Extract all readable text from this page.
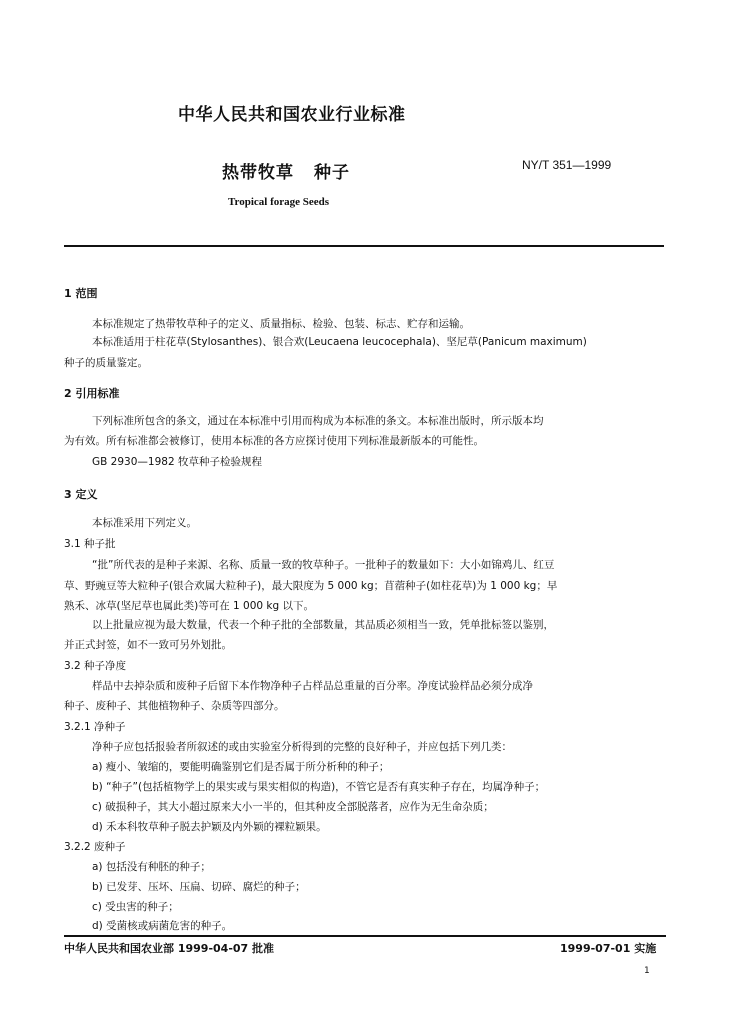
中华人民共和国农业行业标准
热带牧草 种子	NY/T 351—1999
Tropical forage Seeds
1 范围
本标准规定了热带牧草种子的定义、质量指标、检验、包装、标志、贮存和运输。
本标准适用于柱花草(Stylosanthes)、银合欢(Leucaena leucocephala)、坚尼草(Panicum maximum)
种子的质量鉴定。
2 引用标准
下列标准所包含的条文，通过在本标准中引用而构成为本标准的条文。本标准出版时，所示版本均
为有效。所有标准都会被修订，使用本标准的各方应探讨使用下列标准最新版本的可能性。
GB 2930—1982 牧草种子检验规程
3 定义
本标准采用下列定义。
3.1 种子批
“批”所代表的是种子来源、名称、质量一致的牧草种子。一批种子的数量如下：大小如锦鸡儿、红豆
草、野豌豆等大粒种子(银合欢属大粒种子)，最大限度为 5 000 kg；苜蓿种子(如柱花草)为 1 000 kg；早
熟禾、冰草(坚尼草也属此类)等可在 1 000 kg 以下。
以上批量应视为最大数量，代表一个种子批的全部数量，其品质必须相当一致，凭单批标签以鉴别，
并正式封签，如不一致可另外划批。
3.2 种子净度
样品中去掉杂质和废种子后留下本作物净种子占样品总重量的百分率。净度试验样品必须分成净
种子、废种子、其他植物种子、杂质等四部分。
3.2.1 净种子
净种子应包括报验者所叙述的或由实验室分析得到的完整的良好种子，并应包括下列几类：
a) 瘦小、皱缩的，要能明确鉴别它们是否属于所分析种的种子；
b) “种子”(包括植物学上的果实或与果实相似的构造)，不管它是否有真实种子存在，均属净种子；
c) 破损种子，其大小超过原来大小一半的，但其种皮全部脱落者，应作为无生命杂质；
d) 禾本科牧草种子脱去护颖及内外颖的裸粒颖果。
3.2.2 废种子
a) 包括没有种胚的种子；
b) 已发芽、压坏、压扁、切碎、腐烂的种子；
c) 受虫害的种子；
d) 受菌核或病菌危害的种子。
中华人民共和国农业部 1999-04-07 批准	1999-07-01 实施
1
